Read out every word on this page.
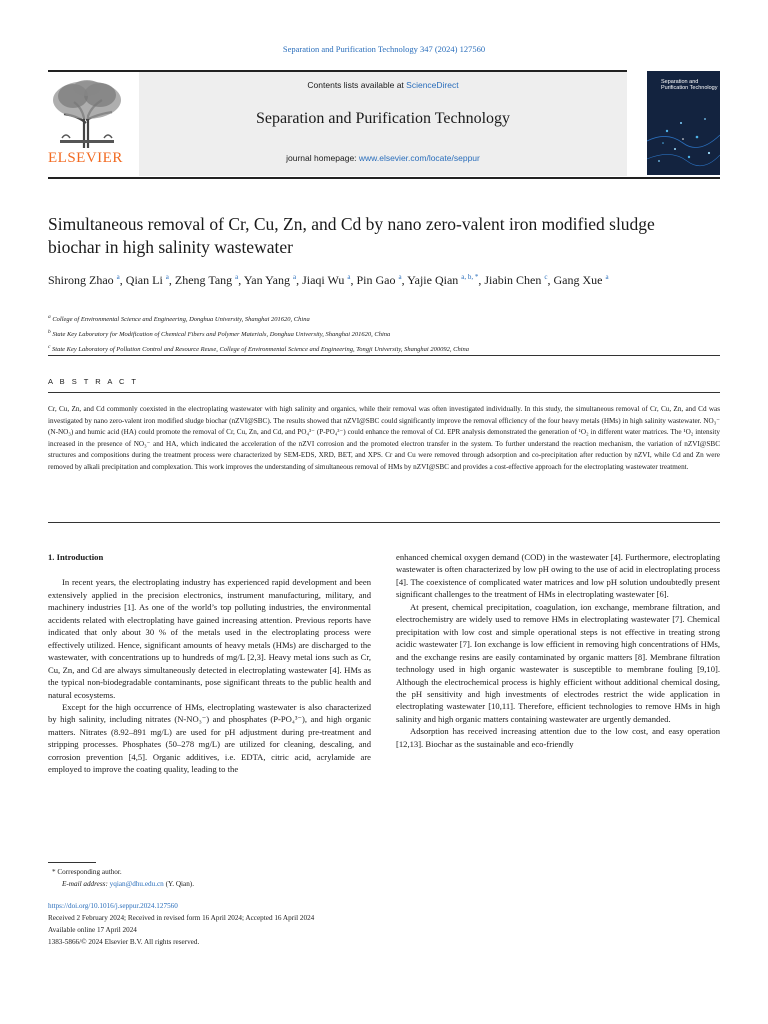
Separation and Purification Technology 347 (2024) 127560
ELSEVIER
Contents lists available at ScienceDirect
Separation and Purification Technology
journal homepage: www.elsevier.com/locate/seppur
Separation and Purification Technology
Simultaneous removal of Cr, Cu, Zn, and Cd by nano zero-valent iron modified sludge biochar in high salinity wastewater
Shirong Zhao $^a$, Qian Li $^a$, Zheng Tang $^a$, Yan Yang $^a$, Jiaqi Wu $^a$, Pin Gao $^a$, Yajie Qian $^{a, b, *}$, Jiabin Chen $^c$, Gang Xue $^a$
$^a$ College of Environmental Science and Engineering, Donghua University, Shanghai 201620, China
$^b$ State Key Laboratory for Modification of Chemical Fibers and Polymer Materials, Donghua University, Shanghai 201620, China
$^c$ State Key Laboratory of Pollution Control and Resource Reuse, College of Environmental Science and Engineering, Tongji University, Shanghai 200092, China
A B S T R A C T
Cr, Cu, Zn, and Cd commonly coexisted in the electroplating wastewater with high salinity and organics, while their removal was often investigated individually. In this study, the simultaneous removal of Cr, Cu, Zn, and Cd was investigated by nano zero-valent iron modified sludge biochar (nZVI@SBC). The results showed that nZVI@SBC could significantly improve the removal efficiency of the four heavy metals (HMs) in high salinity wastewater. NO₃⁻ (N-NO₃) and humic acid (HA) could promote the removal of Cr, Cu, Zn, and Cd, and PO₄³⁻ (P-PO₄³⁻) could enhance the removal of Cd. EPR analysis demonstrated the generation of ¹O₂ in different water matrices. The ¹O₂ intensity increased in the presence of NO₃⁻ and HA, which indicated the acceleration of the nZVI corrosion and the promoted electron transfer in the system. To further understand the reaction mechanism, the variation of nZVI@SBC structures and compositions during the treatment process were characterized by SEM-EDS, XRD, BET, and XPS. Cr and Cu were removed through adsorption and co-precipitation after reduction by nZVI, while Cd and Zn were removed by alkali precipitation and complexation. This work improves the understanding of simultaneous removal of HMs by nZVI@SBC and provides a cost-effective approach for the electroplating wastewater treatment.
1. Introduction

In recent years, the electroplating industry has experienced rapid development and been extensively applied in the precision electronics, instrument manufacturing, military, and machinery industries [1]. As one of the world’s top polluting industries, the environmental accidents related with electroplating have gained increasing attention. Previous reports have indicated that only about 30 % of the metals used in the electroplating process were effectively utilized. Hence, significant amounts of heavy metals (HMs) are discharged to the wastewater, with concentrations up to hundreds of mg/L [2,3]. Heavy metal ions such as Cr, Cu, Zn, and Cd are always simultaneously detected in electroplating wastewater [4]. HMs as the typical non-biodegradable contaminants, pose significant threats to the public health and natural ecosystems.

Except for the high occurrence of HMs, electroplating wastewater is also characterized by high salinity, including nitrates (N-NO₃⁻) and phosphates (P-PO₄³⁻), and high organic matters. Nitrates (8.92–891 mg/L) are used for pH adjustment during pre-treatment and stripping processes. Phosphates (50–278 mg/L) are utilized for cleaning, descaling, and corrosion prevention [4,5]. Organic additives, i.e. EDTA, citric acid, acrylamide are employed to improve the coating quality, leading to the

enhanced chemical oxygen demand (COD) in the wastewater [4]. Furthermore, electroplating wastewater is often characterized by low pH owing to the use of acid in electroplating process [4]. The coexistence of complicated water matrices and low pH solution undoubtedly present significant challenges to the treatment of HMs in electroplating wastewater [6].

At present, chemical precipitation, coagulation, ion exchange, membrane filtration, and electrochemistry are widely used to remove HMs in electroplating wastewater [7]. Chemical precipitation with low cost and simple operational steps is not effective in treating strong acidic wastewater [7]. Ion exchange is low efficient in removing high concentrations of HMs, and the exchange resins are easily contaminated by organic matters [8]. Membrane filtration technology used in high organic wastewater is susceptible to membrane fouling [9,10]. Although the electrochemical process is highly efficient without additional chemical dosing, the pH sensitivity and high investments of electrodes restrict the wide application in electroplating wastewater [10,11]. Therefore, efficient technologies to remove HMs in high salinity and high organic matters containing wastewater are urgently demanded.

Adsorption has received increasing attention due to the low cost, and easy operation [12,13]. Biochar as the sustainable and eco-friendly

* Corresponding author.
E-mail address: yqian@dhu.edu.cn (Y. Qian).
https://doi.org/10.1016/j.seppur.2024.127560
Received 2 February 2024; Received in revised form 16 April 2024; Accepted 16 April 2024
Available online 17 April 2024
1383-5866/© 2024 Elsevier B.V. All rights reserved.
